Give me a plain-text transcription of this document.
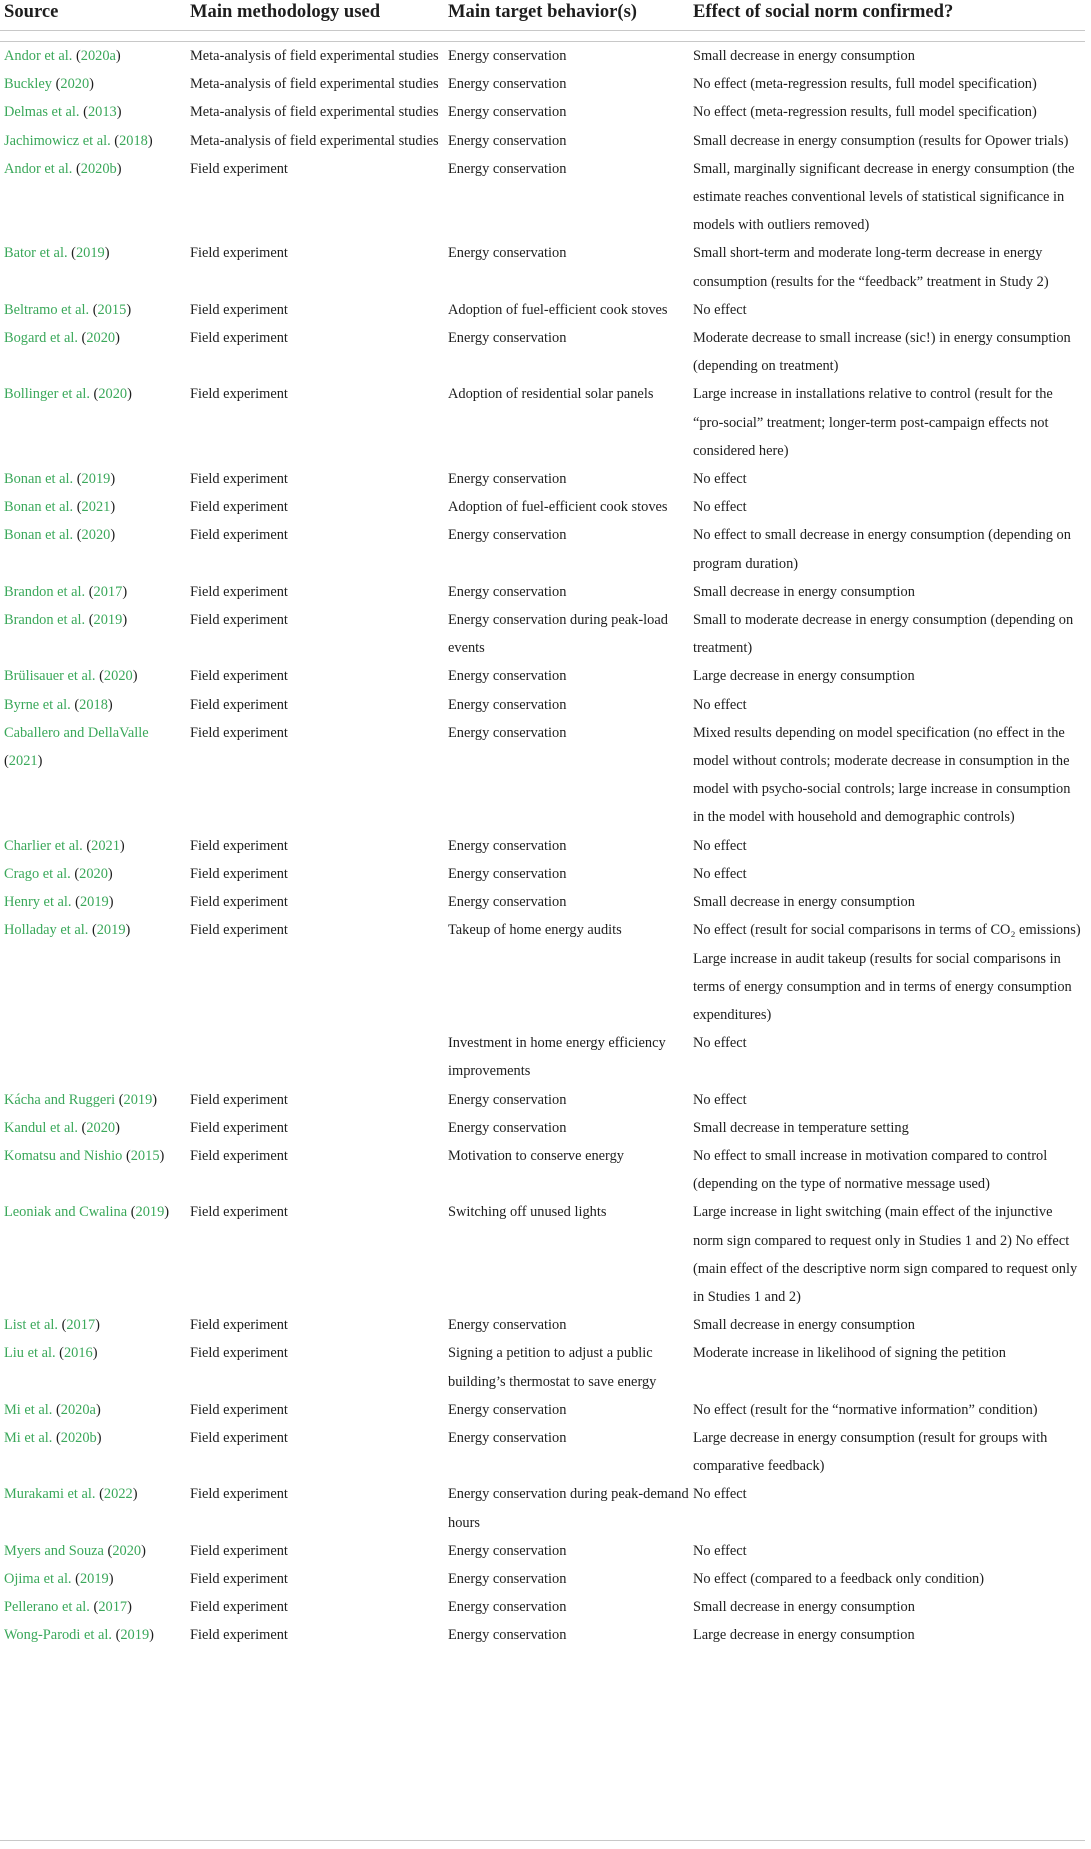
Source	Main methodology used	Main target behavior(s)	Effect of social norm confirmed?

Andor et al. (2020a)	Meta-analysis of field experimental studies	Energy conservation	Small decrease in energy consumption
Buckley (2020)	Meta-analysis of field experimental studies	Energy conservation	No effect (meta-regression results, full model specification)
Delmas et al. (2013)	Meta-analysis of field experimental studies	Energy conservation	No effect (meta-regression results, full model specification)
Jachimowicz et al. (2018)	Meta-analysis of field experimental studies	Energy conservation	Small decrease in energy consumption (results for Opower trials)
Andor et al. (2020b)	Field experiment	Energy conservation	Small, marginally significant decrease in energy consumption (the estimate reaches conventional levels of statistical significance in models with outliers removed)
Bator et al. (2019)	Field experiment	Energy conservation	Small short-term and moderate long-term decrease in energy consumption (results for the “feedback” treatment in Study 2)
Beltramo et al. (2015)	Field experiment	Adoption of fuel-efficient cook stoves	No effect
Bogard et al. (2020)	Field experiment	Energy conservation	Moderate decrease to small increase (sic!) in energy consumption (depending on treatment)
Bollinger et al. (2020)	Field experiment	Adoption of residential solar panels	Large increase in installations relative to control (result for the “pro-social” treatment; longer-term post-campaign effects not considered here)
Bonan et al. (2019)	Field experiment	Energy conservation	No effect
Bonan et al. (2021)	Field experiment	Adoption of fuel-efficient cook stoves	No effect
Bonan et al. (2020)	Field experiment	Energy conservation	No effect to small decrease in energy consumption (depending on program duration)
Brandon et al. (2017)	Field experiment	Energy conservation	Small decrease in energy consumption
Brandon et al. (2019)	Field experiment	Energy conservation during peak-load events	Small to moderate decrease in energy consumption (depending on treatment)
Brülisauer et al. (2020)	Field experiment	Energy conservation	Large decrease in energy consumption
Byrne et al. (2018)	Field experiment	Energy conservation	No effect
Caballero and DellaValle (2021)	Field experiment	Energy conservation	Mixed results depending on model specification (no effect in the model without controls; moderate decrease in consumption in the model with psycho-social controls; large increase in consumption in the model with household and demographic controls)
Charlier et al. (2021)	Field experiment	Energy conservation	No effect
Crago et al. (2020)	Field experiment	Energy conservation	No effect
Henry et al. (2019)	Field experiment	Energy conservation	Small decrease in energy consumption
Holladay et al. (2019)	Field experiment	Takeup of home energy audits	No effect (result for social comparisons in terms of CO₂ emissions)
			Large increase in audit takeup (results for social comparisons in terms of energy consumption and in terms of energy consumption expenditures)
		Investment in home energy efficiency improvements	No effect
Kácha and Ruggeri (2019)	Field experiment	Energy conservation	No effect
Kandul et al. (2020)	Field experiment	Energy conservation	Small decrease in temperature setting
Komatsu and Nishio (2015)	Field experiment	Motivation to conserve energy	No effect to small increase in motivation compared to control (depending on the type of normative message used)
Leoniak and Cwalina (2019)	Field experiment	Switching off unused lights	Large increase in light switching (main effect of the injunctive norm sign compared to request only in Studies 1 and 2) No effect (main effect of the descriptive norm sign compared to request only in Studies 1 and 2)
List et al. (2017)	Field experiment	Energy conservation	Small decrease in energy consumption
Liu et al. (2016)	Field experiment	Signing a petition to adjust a public building’s thermostat to save energy	Moderate increase in likelihood of signing the petition
Mi et al. (2020a)	Field experiment	Energy conservation	No effect (result for the “normative information” condition)
Mi et al. (2020b)	Field experiment	Energy conservation	Large decrease in energy consumption (result for groups with comparative feedback)
Murakami et al. (2022)	Field experiment	Energy conservation during peak-demand hours	No effect
Myers and Souza (2020)	Field experiment	Energy conservation	No effect
Ojima et al. (2019)	Field experiment	Energy conservation	No effect (compared to a feedback only condition)
Pellerano et al. (2017)	Field experiment	Energy conservation	Small decrease in energy consumption
Wong-Parodi et al. (2019)	Field experiment	Energy conservation	Large decrease in energy consumption
